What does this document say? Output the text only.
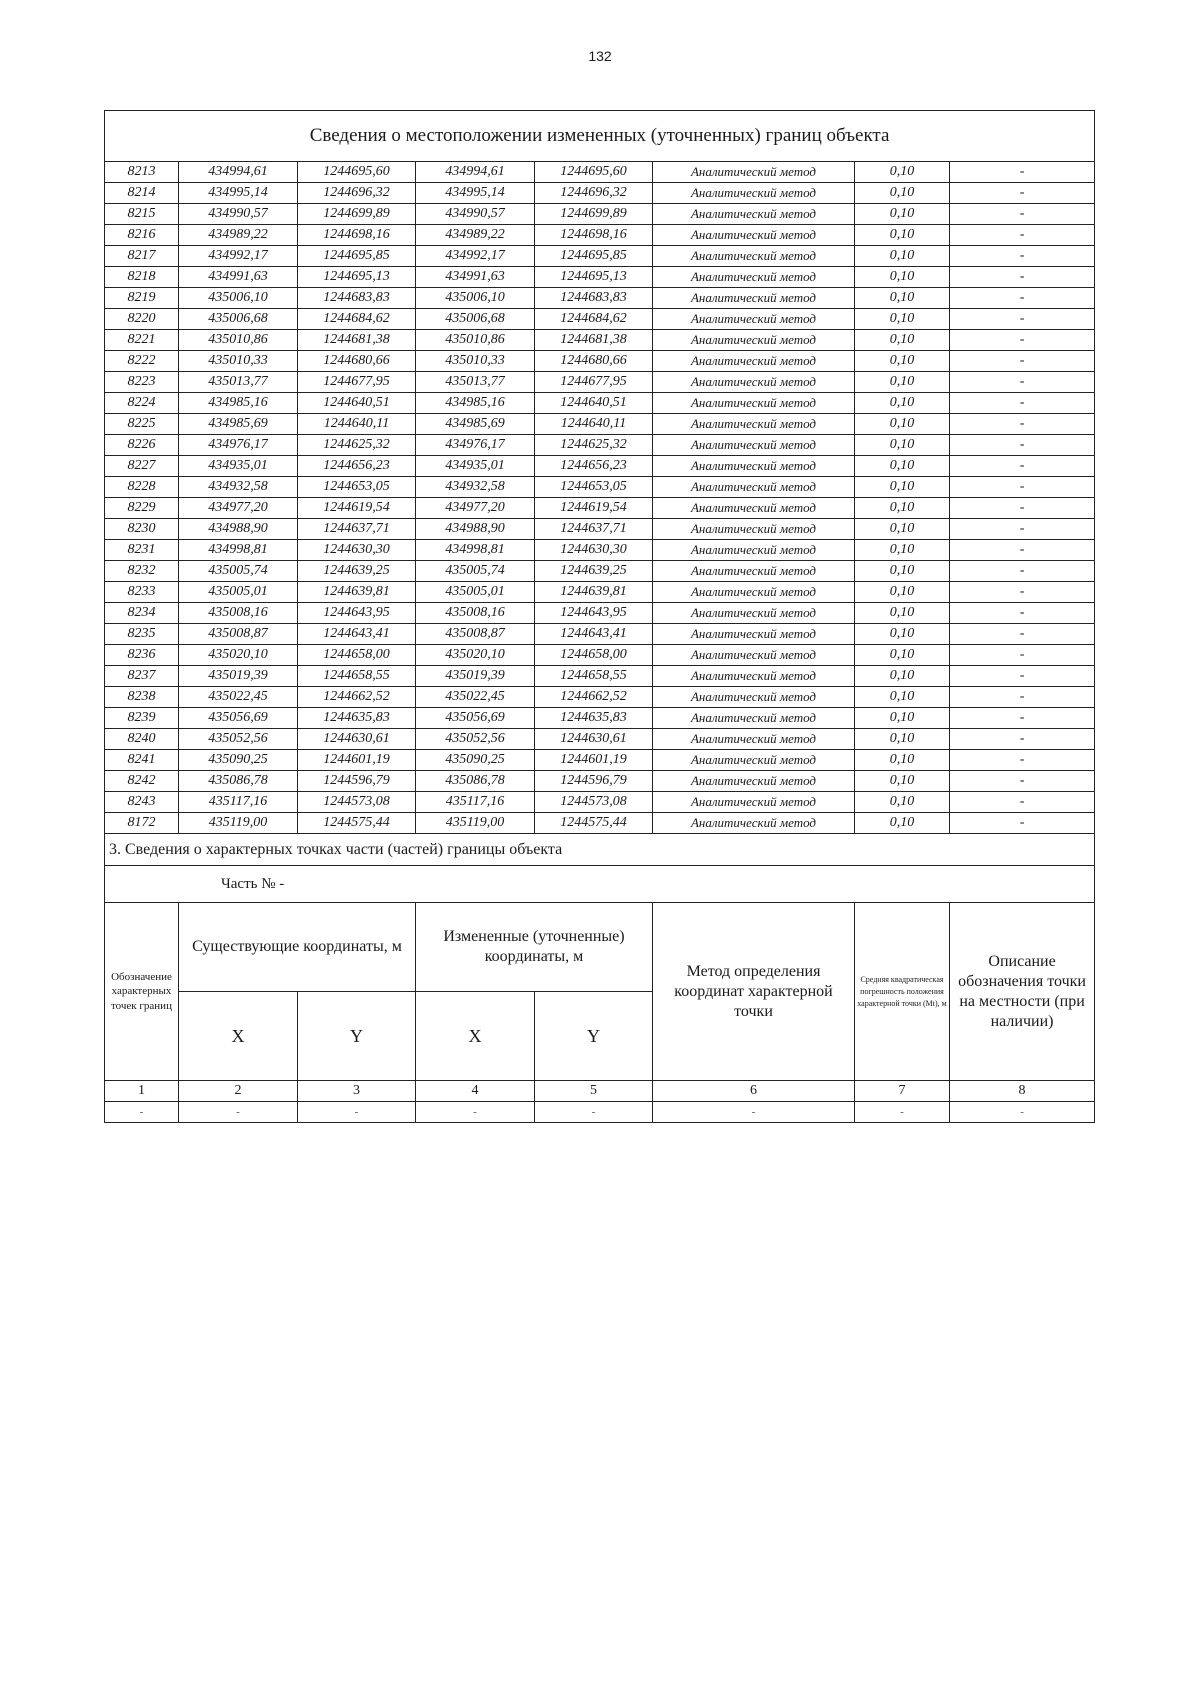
132
Сведения о местоположении измененных (уточненных) границ объекта							
8213	434994,61	1244695,60	434994,61	1244695,60	Аналитический метод	0,10	-
8214	434995,14	1244696,32	434995,14	1244696,32	Аналитический метод	0,10	-
8215	434990,57	1244699,89	434990,57	1244699,89	Аналитический метод	0,10	-
8216	434989,22	1244698,16	434989,22	1244698,16	Аналитический метод	0,10	-
8217	434992,17	1244695,85	434992,17	1244695,85	Аналитический метод	0,10	-
8218	434991,63	1244695,13	434991,63	1244695,13	Аналитический метод	0,10	-
8219	435006,10	1244683,83	435006,10	1244683,83	Аналитический метод	0,10	-
8220	435006,68	1244684,62	435006,68	1244684,62	Аналитический метод	0,10	-
8221	435010,86	1244681,38	435010,86	1244681,38	Аналитический метод	0,10	-
8222	435010,33	1244680,66	435010,33	1244680,66	Аналитический метод	0,10	-
8223	435013,77	1244677,95	435013,77	1244677,95	Аналитический метод	0,10	-
8224	434985,16	1244640,51	434985,16	1244640,51	Аналитический метод	0,10	-
8225	434985,69	1244640,11	434985,69	1244640,11	Аналитический метод	0,10	-
8226	434976,17	1244625,32	434976,17	1244625,32	Аналитический метод	0,10	-
8227	434935,01	1244656,23	434935,01	1244656,23	Аналитический метод	0,10	-
8228	434932,58	1244653,05	434932,58	1244653,05	Аналитический метод	0,10	-
8229	434977,20	1244619,54	434977,20	1244619,54	Аналитический метод	0,10	-
8230	434988,90	1244637,71	434988,90	1244637,71	Аналитический метод	0,10	-
8231	434998,81	1244630,30	434998,81	1244630,30	Аналитический метод	0,10	-
8232	435005,74	1244639,25	435005,74	1244639,25	Аналитический метод	0,10	-
8233	435005,01	1244639,81	435005,01	1244639,81	Аналитический метод	0,10	-
8234	435008,16	1244643,95	435008,16	1244643,95	Аналитический метод	0,10	-
8235	435008,87	1244643,41	435008,87	1244643,41	Аналитический метод	0,10	-
8236	435020,10	1244658,00	435020,10	1244658,00	Аналитический метод	0,10	-
8237	435019,39	1244658,55	435019,39	1244658,55	Аналитический метод	0,10	-
8238	435022,45	1244662,52	435022,45	1244662,52	Аналитический метод	0,10	-
8239	435056,69	1244635,83	435056,69	1244635,83	Аналитический метод	0,10	-
8240	435052,56	1244630,61	435052,56	1244630,61	Аналитический метод	0,10	-
8241	435090,25	1244601,19	435090,25	1244601,19	Аналитический метод	0,10	-
8242	435086,78	1244596,79	435086,78	1244596,79	Аналитический метод	0,10	-
8243	435117,16	1244573,08	435117,16	1244573,08	Аналитический метод	0,10	-
8172	435119,00	1244575,44	435119,00	1244575,44	Аналитический метод	0,10	-
3. Сведения о характерных точках части (частей) границы объекта							
Часть № -							
Обозначение характерных точек границ	Существующие координаты, м		Измененные (уточненные) координаты, м		Метод определения координат характерной точки	Средняя квадратическая погрешность положения характерной точки (Mt), м	Описание обозначения точки на местности (при наличии)
	X	Y	X	Y			
1	2	3	4	5	6	7	8
-	-	-	-	-	-	-	-
